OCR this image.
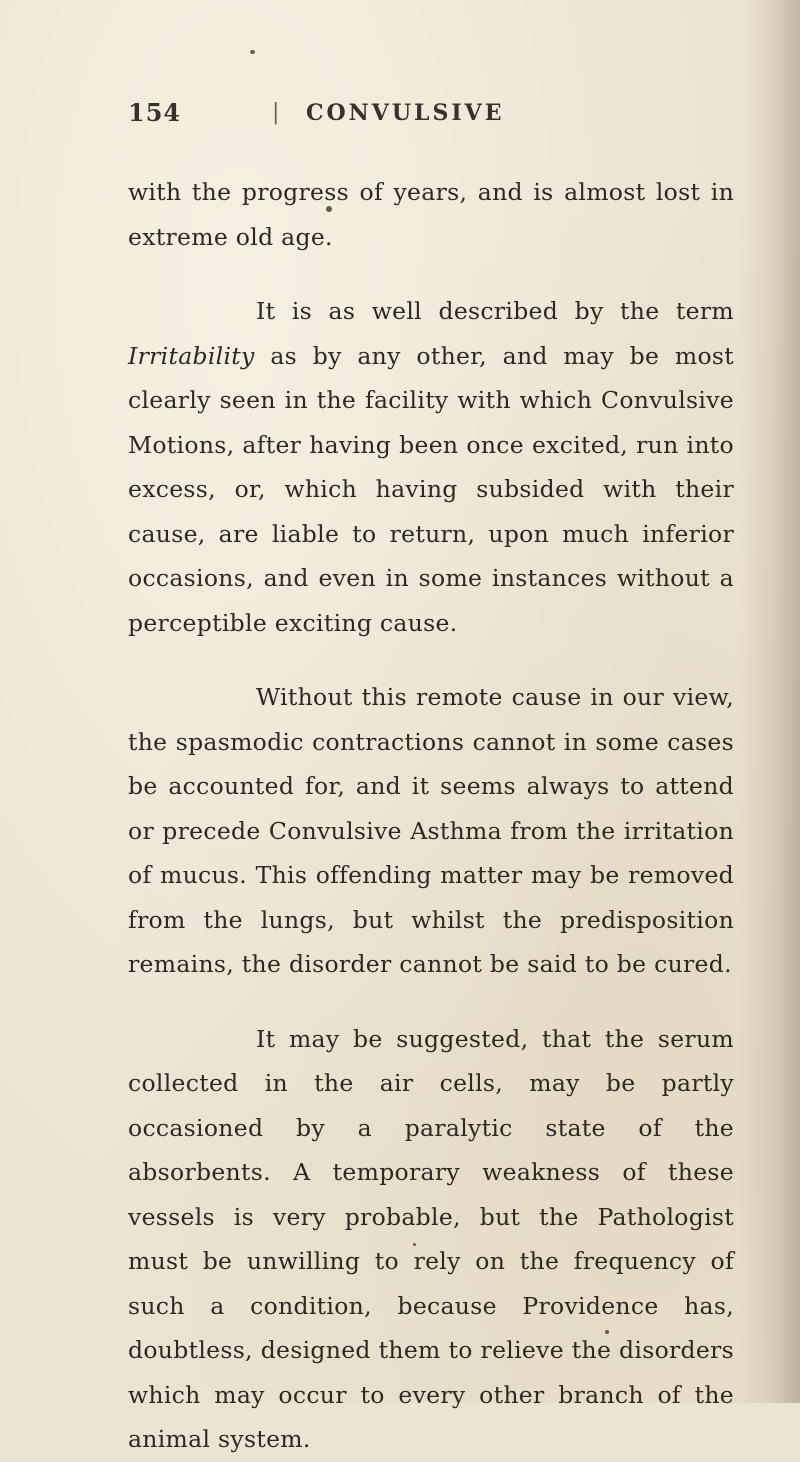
154	| CONVULSIVE

with the progress of years, and is almost lost in extreme old age.

It is as well described by the term Irritability as by any other, and may be most clearly seen in the facility with which Convulsive Motions, after having been once excited, run into excess, or, which having subsided with their cause, are liable to return, upon much inferior occasions, and even in some instances without a perceptible exciting cause.

Without this remote cause in our view, the spasmodic contractions cannot in some cases be accounted for, and it seems always to attend or precede Convulsive Asthma from the irritation of mucus. This offending matter may be removed from the lungs, but whilst the predisposition remains, the disorder cannot be said to be cured.

It may be suggested, that the serum collected in the air cells, may be partly occasioned by a paralytic state of the absorbents. A temporary weakness of these vessels is very probable, but the Pathologist must be unwilling to rely on the frequency of such a condition, because Providence has, doubtless, designed them to relieve the disorders which may occur to every other branch of the animal system.
